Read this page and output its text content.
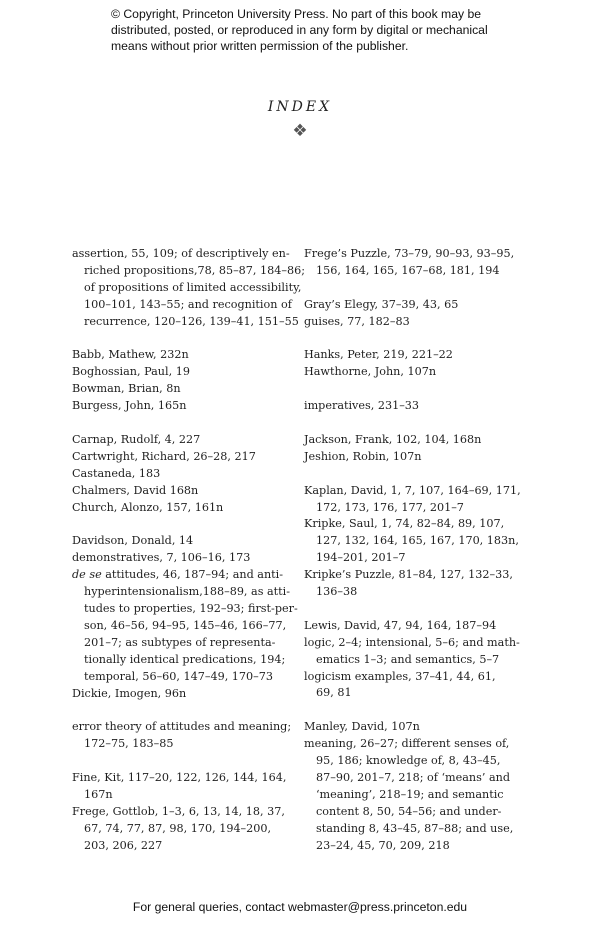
© Copyright, Princeton University Press. No part of this book may be
distributed, posted, or reproduced in any form by digital or mechanical
means without prior written permission of the publisher.
INDEX
❖
assertion, 55, 109; of descriptively en-
riched propositions,78, 85–87, 184–86;
of propositions of limited accessibility,
100–101, 143–55; and recognition of
recurrence, 120–126, 139–41, 151–55
Babb, Mathew, 232n
Boghossian, Paul, 19
Bowman, Brian, 8n
Burgess, John, 165n
Carnap, Rudolf, 4, 227
Cartwright, Richard, 26–28, 217
Castaneda, 183
Chalmers, David 168n
Church, Alonzo, 157, 161n
Davidson, Donald, 14
demonstratives, 7, 106–16, 173
de se attitudes, 46, 187–94; and anti-
hyperintensionalism,188–89, as atti-
tudes to properties, 192–93; first-per-
son, 46–56, 94–95, 145–46, 166–77,
201–7; as subtypes of representa-
tionally identical predications, 194;
temporal, 56–60, 147–49, 170–73
Dickie, Imogen, 96n
error theory of attitudes and meaning;
172–75, 183–85
Fine, Kit, 117–20, 122, 126, 144, 164,
167n
Frege, Gottlob, 1–3, 6, 13, 14, 18, 37,
67, 74, 77, 87, 98, 170, 194–200,
203, 206, 227
Frege’s Puzzle, 73–79, 90–93, 93–95,
156, 164, 165, 167–68, 181, 194
Gray’s Elegy, 37–39, 43, 65
guises, 77, 182–83
Hanks, Peter, 219, 221–22
Hawthorne, John, 107n
imperatives, 231–33
Jackson, Frank, 102, 104, 168n
Jeshion, Robin, 107n
Kaplan, David, 1, 7, 107, 164–69, 171,
172, 173, 176, 177, 201–7
Kripke, Saul, 1, 74, 82–84, 89, 107,
127, 132, 164, 165, 167, 170, 183n,
194–201, 201–7
Kripke’s Puzzle, 81–84, 127, 132–33,
136–38
Lewis, David, 47, 94, 164, 187–94
logic, 2–4; intensional, 5–6; and math-
ematics 1–3; and semantics, 5–7
logicism examples, 37–41, 44, 61,
69, 81
Manley, David, 107n
meaning, 26–27; different senses of,
95, 186; knowledge of, 8, 43–45,
87–90, 201–7, 218; of ‘means’ and
‘meaning’, 218–19; and semantic
content 8, 50, 54–56; and under-
standing 8, 43–45, 87–88; and use,
23–24, 45, 70, 209, 218
For general queries, contact webmaster@press.princeton.edu
